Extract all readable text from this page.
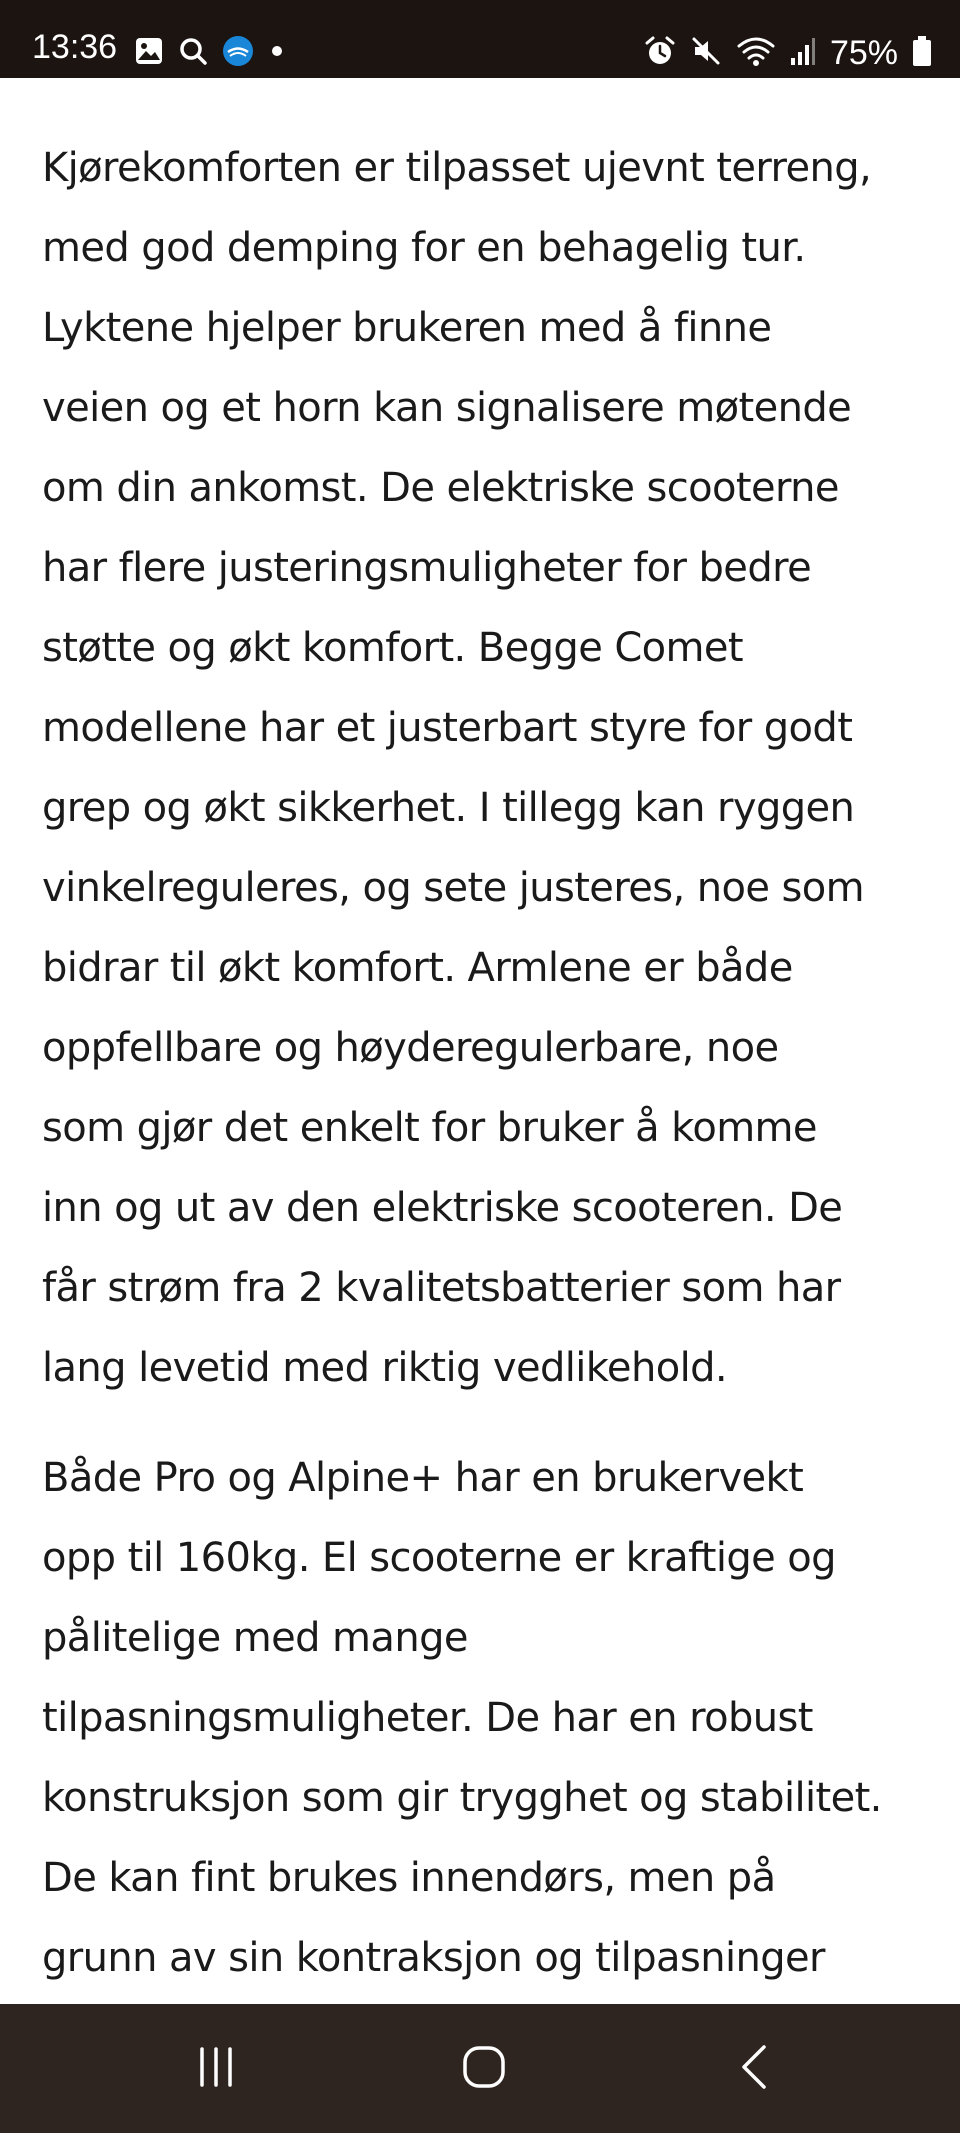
13:36	75%

Kjørekomforten er tilpasset ujevnt terreng,
med god demping for en behagelig tur.
Lyktene hjelper brukeren med å finne
veien og et horn kan signalisere møtende
om din ankomst. De elektriske scooterne
har flere justeringsmuligheter for bedre
støtte og økt komfort. Begge Comet
modellene har et justerbart styre for godt
grep og økt sikkerhet. I tillegg kan ryggen
vinkelreguleres, og sete justeres, noe som
bidrar til økt komfort. Armlene er både
oppfellbare og høyderegulerbare, noe
som gjør det enkelt for bruker å komme
inn og ut av den elektriske scooteren. De
får strøm fra 2 kvalitetsbatterier som har
lang levetid med riktig vedlikehold.

Både Pro og Alpine+ har en brukervekt
opp til 160kg. El scooterne er kraftige og
pålitelige med mange
tilpasningsmuligheter. De har en robust
konstruksjon som gir trygghet og stabilitet.
De kan fint brukes innendørs, men på
grunn av sin kontraksjon og tilpasninger
